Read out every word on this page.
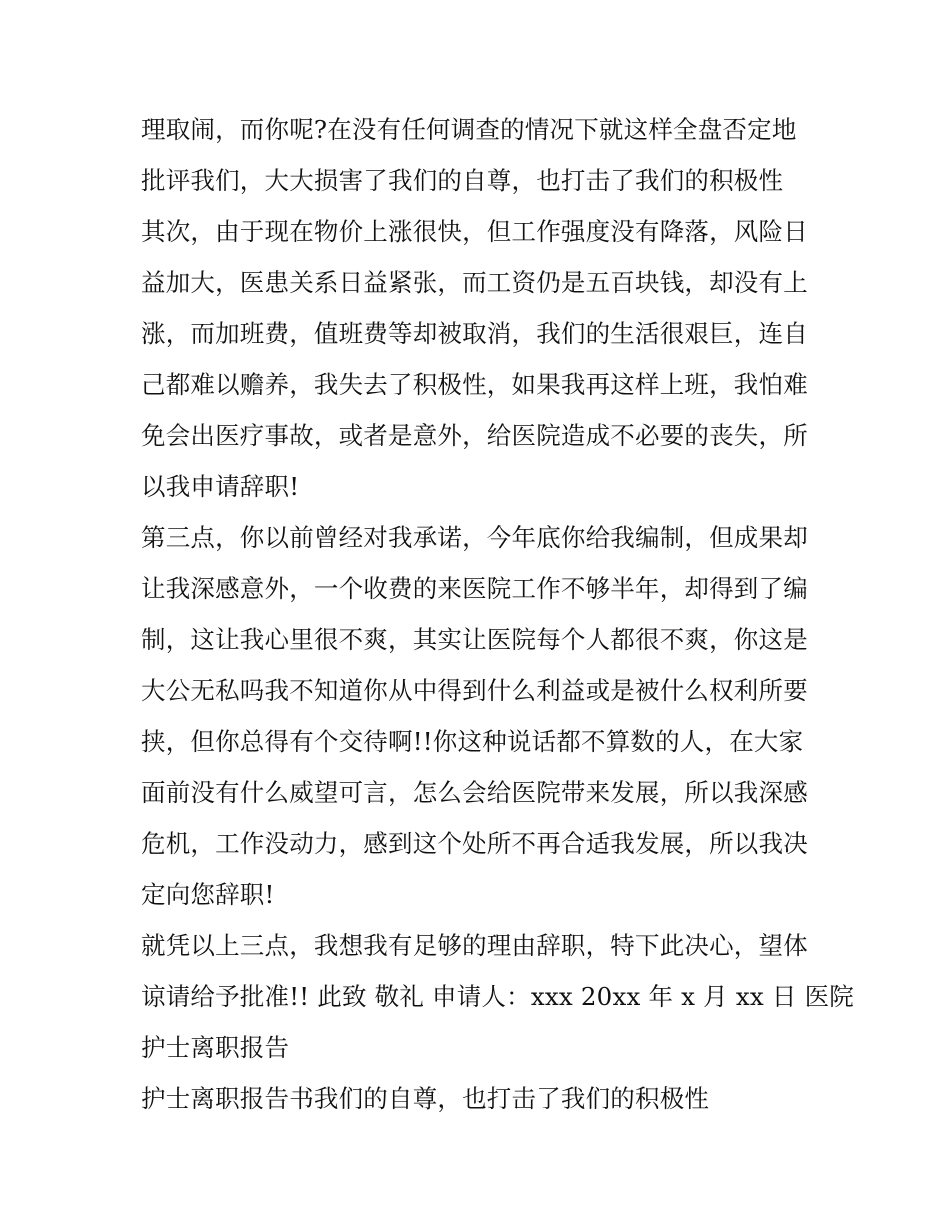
理取闹，而你呢?在没有任何调查的情况下就这样全盘否定地
批评我们，大大损害了我们的自尊，也打击了我们的积极性
其次，由于现在物价上涨很快，但工作强度没有降落，风险日
益加大，医患关系日益紧张，而工资仍是五百块钱，却没有上
涨，而加班费，值班费等却被取消，我们的生活很艰巨，连自
己都难以赡养，我失去了积极性，如果我再这样上班，我怕难
免会出医疗事故，或者是意外，给医院造成不必要的丧失，所
以我申请辞职!
第三点，你以前曾经对我承诺，今年底你给我编制，但成果却
让我深感意外，一个收费的来医院工作不够半年，却得到了编
制，这让我心里很不爽，其实让医院每个人都很不爽，你这是
大公无私吗我不知道你从中得到什么利益或是被什么权利所要
挟，但你总得有个交待啊!!你这种说话都不算数的人，在大家
面前没有什么威望可言，怎么会给医院带来发展，所以我深感
危机，工作没动力，感到这个处所不再合适我发展，所以我决
定向您辞职!
就凭以上三点，我想我有足够的理由辞职，特下此决心，望体
谅请给予批准!! 此致 敬礼 申请人：xxx 20xx 年 x 月 xx 日 医院
护士离职报告
护士离职报告书我们的自尊，也打击了我们的积极性
